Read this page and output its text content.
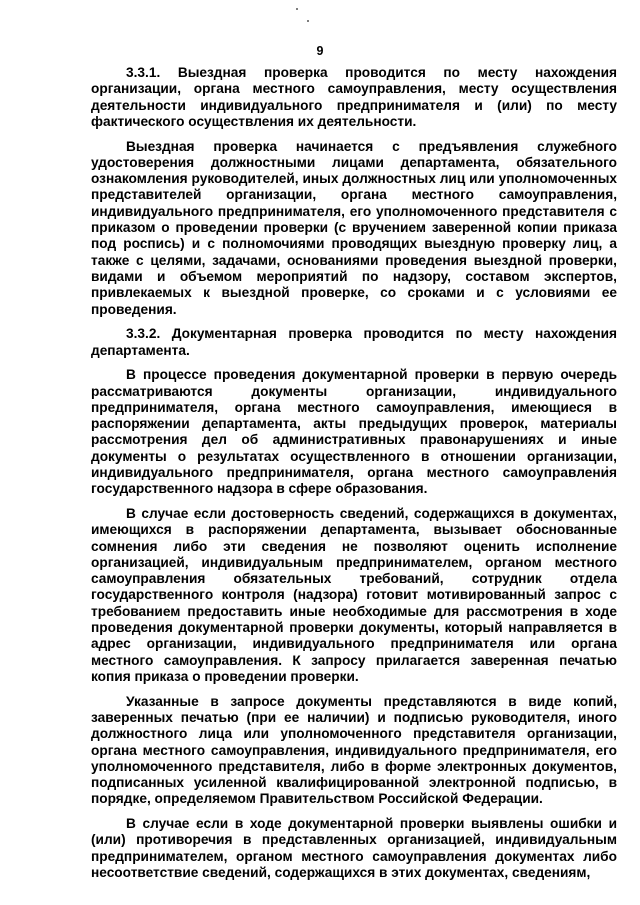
9

3.3.1. Выездная проверка проводится по месту нахождения организации, органа местного самоуправления, месту осуществления деятельности индивидуального предпринимателя и (или) по месту фактического осуществления их деятельности.

Выездная проверка начинается с предъявления служебного удостоверения должностными лицами департамента, обязательного ознакомления руководителей, иных должностных лиц или уполномоченных представителей организации, органа местного самоуправления, индивидуального предпринимателя, его уполномоченного представителя с приказом о проведении проверки (с вручением заверенной копии приказа под роспись) и с полномочиями проводящих выездную проверку лиц, а также с целями, задачами, основаниями проведения выездной проверки, видами и объемом мероприятий по надзору, составом экспертов, привлекаемых к выездной проверке, со сроками и с условиями ее проведения.

3.3.2. Документарная проверка проводится по месту нахождения департамента.

В процессе проведения документарной проверки в первую очередь рассматриваются документы организации, индивидуального предпринимателя, органа местного самоуправления, имеющиеся в распоряжении департамента, акты предыдущих проверок, материалы рассмотрения дел об административных правонарушениях и иные документы о результатах осуществленного в отношении организации, индивидуального предпринимателя, органа местного самоуправления государственного надзора в сфере образования.

В случае если достоверность сведений, содержащихся в документах, имеющихся в распоряжении департамента, вызывает обоснованные сомнения либо эти сведения не позволяют оценить исполнение организацией, индивидуальным предпринимателем, органом местного самоуправления обязательных требований, сотрудник отдела государственного контроля (надзора) готовит мотивированный запрос с требованием предоставить иные необходимые для рассмотрения в ходе проведения документарной проверки документы, который направляется в адрес организации, индивидуального предпринимателя или органа местного самоуправления. К запросу прилагается заверенная печатью копия приказа о проведении проверки.

Указанные в запросе документы представляются в виде копий, заверенных печатью (при ее наличии) и подписью руководителя, иного должностного лица или уполномоченного представителя организации, органа местного самоуправления, индивидуального предпринимателя, его уполномоченного представителя, либо в форме электронных документов, подписанных усиленной квалифицированной электронной подписью, в порядке, определяемом Правительством Российской Федерации.

В случае если в ходе документарной проверки выявлены ошибки и (или) противоречия в представленных организацией, индивидуальным предпринимателем, органом местного самоуправления документах либо несоответствие сведений, содержащихся в этих документах, сведениям,
